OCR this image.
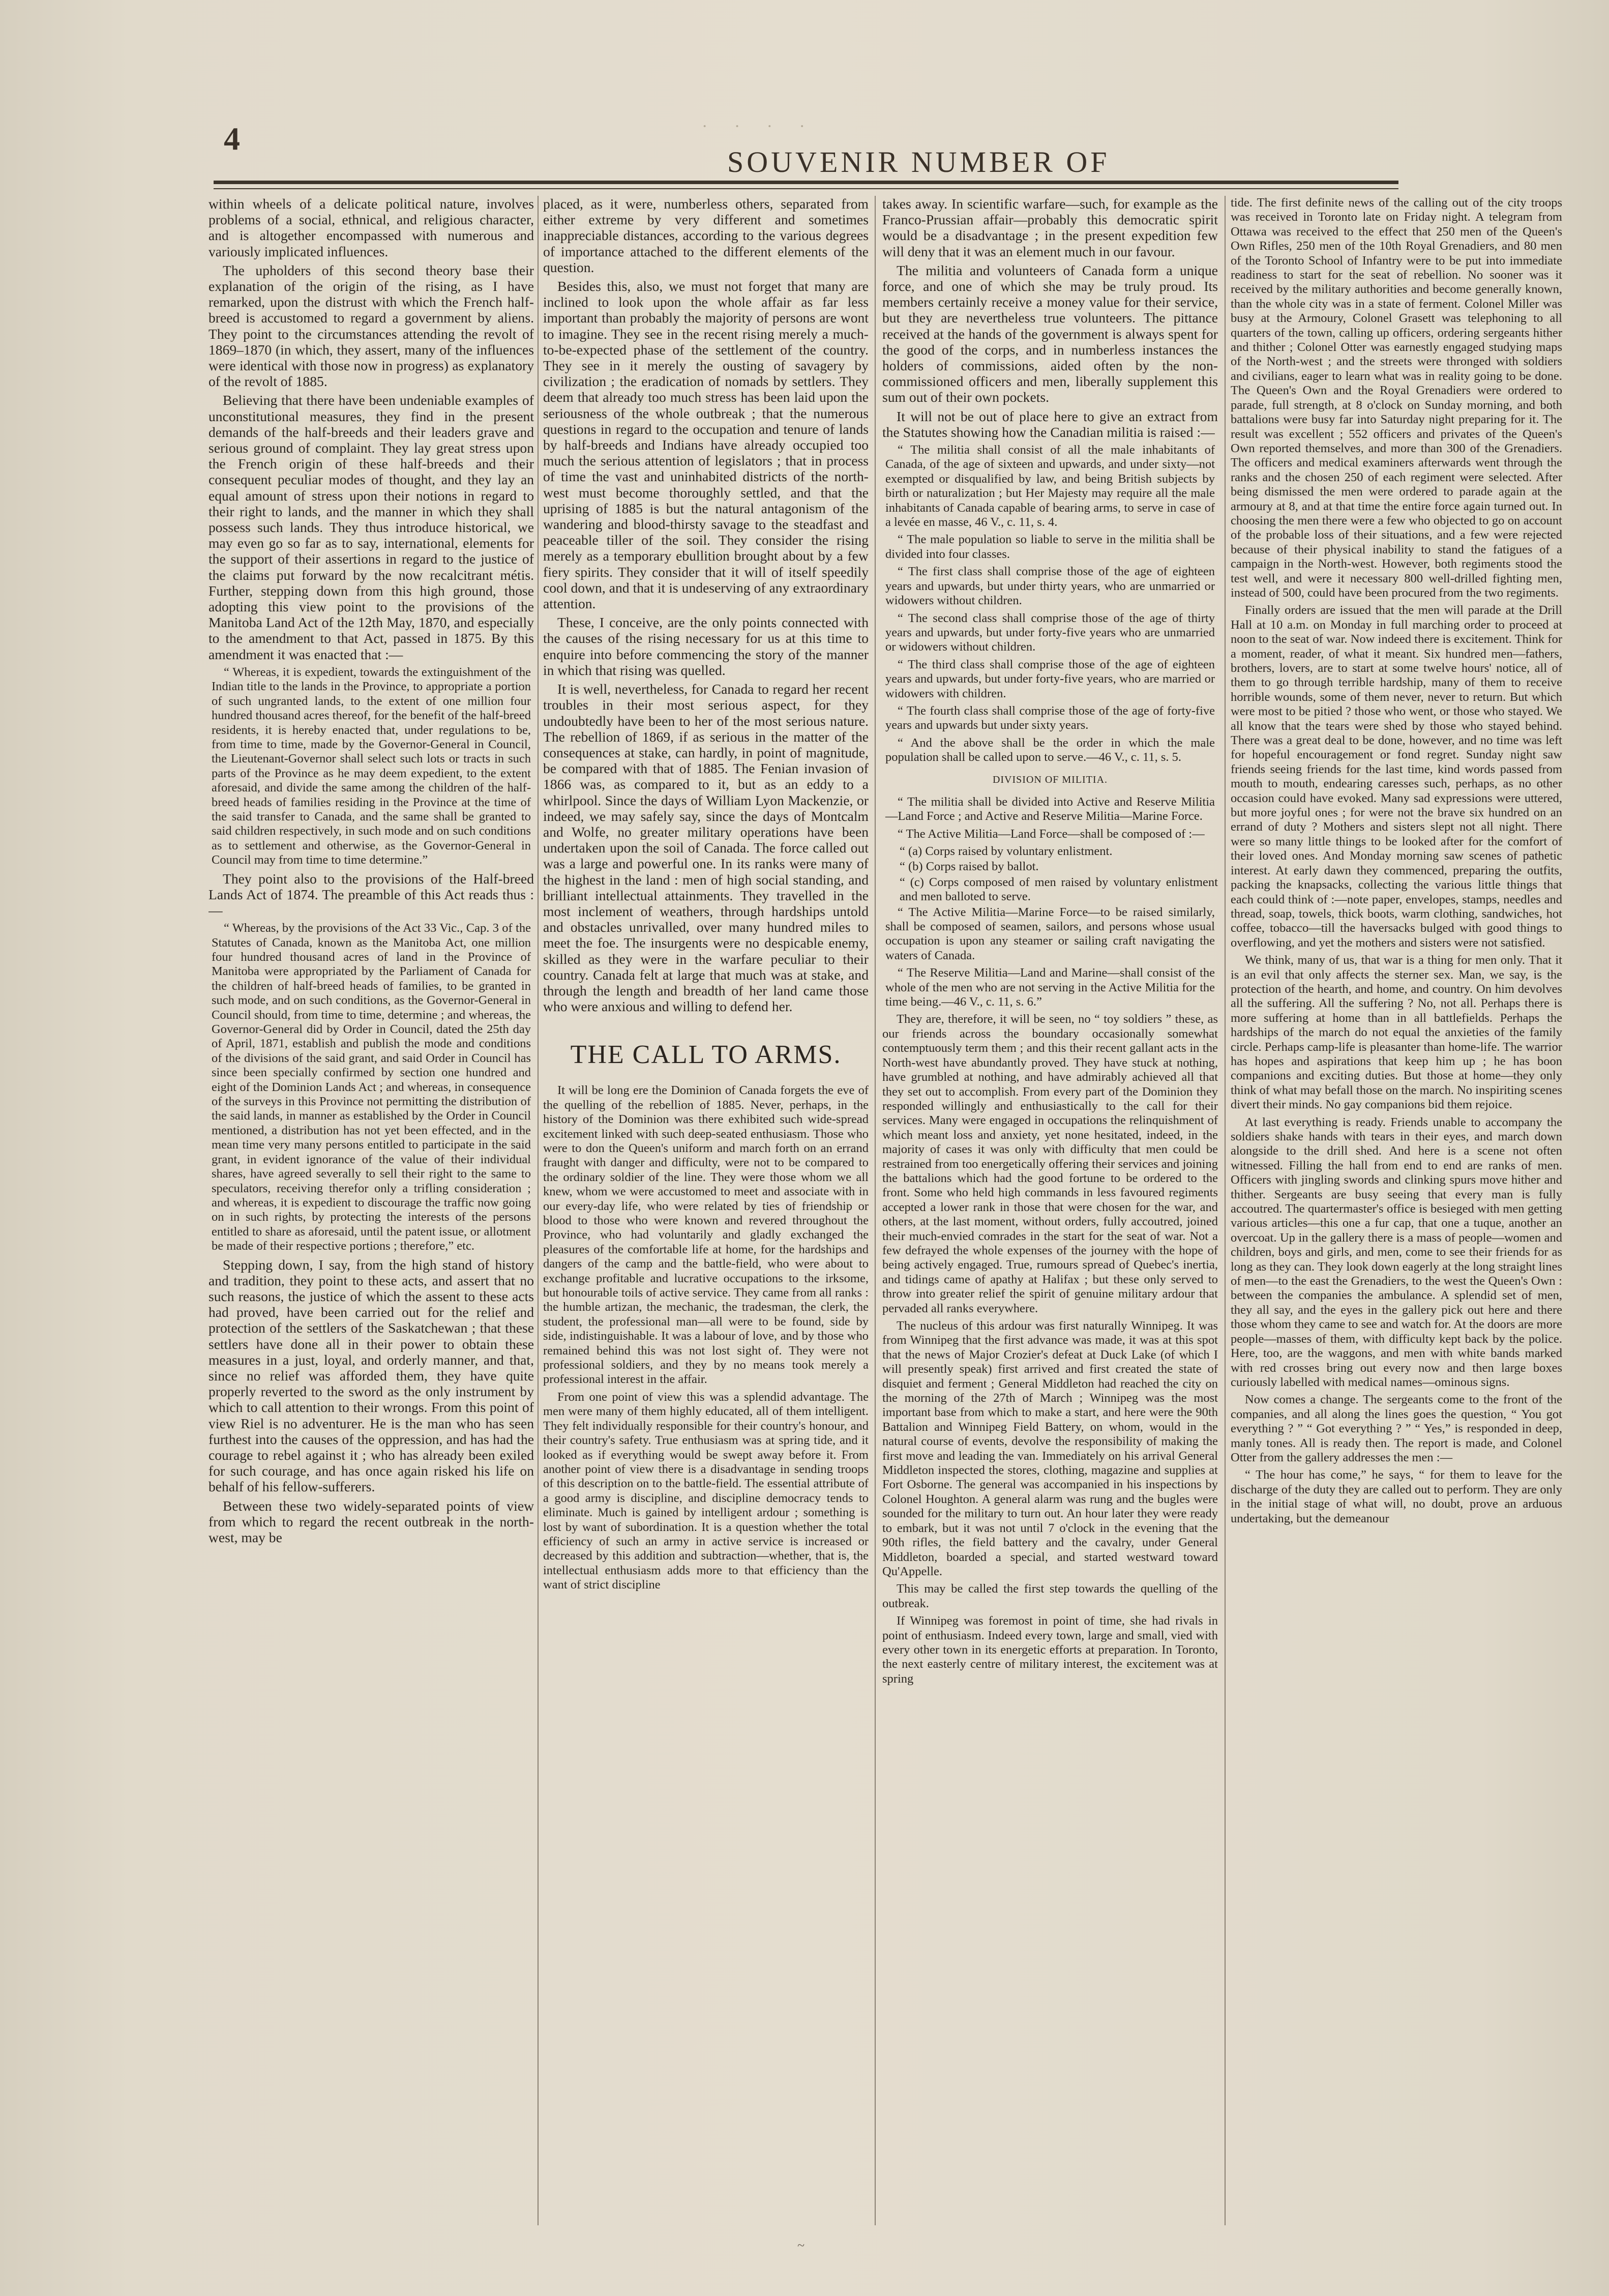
4	· · · ·
SOUVENIR NUMBER OF

within wheels of a delicate political nature, involves problems of a social, ethnical, and religious character, and is altogether encompassed with numerous and variously implicated influences.

The upholders of this second theory base their explanation of the origin of the rising, as I have remarked, upon the distrust with which the French half-breed is accustomed to regard a government by aliens. They point to the circumstances attending the revolt of 1869–1870 (in which, they assert, many of the influences were identical with those now in progress) as explanatory of the revolt of 1885.

Believing that there have been undeniable examples of unconstitutional measures, they find in the present demands of the half-breeds and their leaders grave and serious ground of complaint. They lay great stress upon the French origin of these half-breeds and their consequent peculiar modes of thought, and they lay an equal amount of stress upon their notions in regard to their right to lands, and the manner in which they shall possess such lands. They thus introduce historical, we may even go so far as to say, international, elements for the support of their assertions in regard to the justice of the claims put forward by the now recalcitrant métis. Further, stepping down from this high ground, those adopting this view point to the provisions of the Manitoba Land Act of the 12th May, 1870, and especially to the amendment to that Act, passed in 1875. By this amendment it was enacted that :—

“ Whereas, it is expedient, towards the extinguishment of the Indian title to the lands in the Province, to appropriate a portion of such ungranted lands, to the extent of one million four hundred thousand acres thereof, for the benefit of the half-breed residents, it is hereby enacted that, under regulations to be, from time to time, made by the Governor-General in Council, the Lieutenant-Governor shall select such lots or tracts in such parts of the Province as he may deem expedient, to the extent aforesaid, and divide the same among the children of the half-breed heads of families residing in the Province at the time of the said transfer to Canada, and the same shall be granted to said children respectively, in such mode and on such conditions as to settlement and otherwise, as the Governor-General in Council may from time to time determine.”

They point also to the provisions of the Half-breed Lands Act of 1874. The preamble of this Act reads thus :—

“ Whereas, by the provisions of the Act 33 Vic., Cap. 3 of the Statutes of Canada, known as the Manitoba Act, one million four hundred thousand acres of land in the Province of Manitoba were appropriated by the Parliament of Canada for the children of half-breed heads of families, to be granted in such mode, and on such conditions, as the Governor-General in Council should, from time to time, determine ; and whereas, the Governor-General did by Order in Council, dated the 25th day of April, 1871, establish and publish the mode and conditions of the divisions of the said grant, and said Order in Council has since been specially confirmed by section one hundred and eight of the Dominion Lands Act ; and whereas, in consequence of the surveys in this Province not permitting the distribution of the said lands, in manner as established by the Order in Council mentioned, a distribution has not yet been effected, and in the mean time very many persons entitled to participate in the said grant, in evident ignorance of the value of their individual shares, have agreed severally to sell their right to the same to speculators, receiving therefor only a trifling consideration ; and whereas, it is expedient to discourage the traffic now going on in such rights, by protecting the interests of the persons entitled to share as aforesaid, until the patent issue, or allotment be made of their respective portions ; therefore,” etc.

Stepping down, I say, from the high stand of history and tradition, they point to these acts, and assert that no such reasons, the justice of which the assent to these acts had proved, have been carried out for the relief and protection of the settlers of the Saskatchewan ; that these settlers have done all in their power to obtain these measures in a just, loyal, and orderly manner, and that, since no relief was afforded them, they have quite properly reverted to the sword as the only instrument by which to call attention to their wrongs. From this point of view Riel is no adventurer. He is the man who has seen furthest into the causes of the oppression, and has had the courage to rebel against it ; who has already been exiled for such courage, and has once again risked his life on behalf of his fellow-sufferers.

Between these two widely-separated points of view from which to regard the recent outbreak in the north-west, may be

placed, as it were, numberless others, separated from either extreme by very different and sometimes inappreciable distances, according to the various degrees of importance attached to the different elements of the question.

Besides this, also, we must not forget that many are inclined to look upon the whole affair as far less important than probably the majority of persons are wont to imagine. They see in the recent rising merely a much-to-be-expected phase of the settlement of the country. They see in it merely the ousting of savagery by civilization ; the eradication of nomads by settlers. They deem that already too much stress has been laid upon the seriousness of the whole outbreak ; that the numerous questions in regard to the occupation and tenure of lands by half-breeds and Indians have already occupied too much the serious attention of legislators ; that in process of time the vast and uninhabited districts of the north-west must become thoroughly settled, and that the uprising of 1885 is but the natural antagonism of the wandering and blood-thirsty savage to the steadfast and peaceable tiller of the soil. They consider the rising merely as a temporary ebullition brought about by a few fiery spirits. They consider that it will of itself speedily cool down, and that it is undeserving of any extraordinary attention.

These, I conceive, are the only points connected with the causes of the rising necessary for us at this time to enquire into before commencing the story of the manner in which that rising was quelled.

It is well, nevertheless, for Canada to regard her recent troubles in their most serious aspect, for they undoubtedly have been to her of the most serious nature. The rebellion of 1869, if as serious in the matter of the consequences at stake, can hardly, in point of magnitude, be compared with that of 1885. The Fenian invasion of 1866 was, as compared to it, but as an eddy to a whirlpool. Since the days of William Lyon Mackenzie, or indeed, we may safely say, since the days of Montcalm and Wolfe, no greater military operations have been undertaken upon the soil of Canada. The force called out was a large and powerful one. In its ranks were many of the highest in the land : men of high social standing, and brilliant intellectual attainments. They travelled in the most inclement of weathers, through hardships untold and obstacles unrivalled, over many hundred miles to meet the foe. The insurgents were no despicable enemy, skilled as they were in the warfare peculiar to their country. Canada felt at large that much was at stake, and through the length and breadth of her land came those who were anxious and willing to defend her.

THE CALL TO ARMS.

It will be long ere the Dominion of Canada forgets the eve of the quelling of the rebellion of 1885. Never, perhaps, in the history of the Dominion was there exhibited such wide-spread excitement linked with such deep-seated enthusiasm. Those who were to don the Queen's uniform and march forth on an errand fraught with danger and difficulty, were not to be compared to the ordinary soldier of the line. They were those whom we all knew, whom we were accustomed to meet and associate with in our every-day life, who were related by ties of friendship or blood to those who were known and revered throughout the Province, who had voluntarily and gladly exchanged the pleasures of the comfortable life at home, for the hardships and dangers of the camp and the battle-field, who were about to exchange profitable and lucrative occupations to the irksome, but honourable toils of active service. They came from all ranks : the humble artizan, the mechanic, the tradesman, the clerk, the student, the professional man—all were to be found, side by side, indistinguishable. It was a labour of love, and by those who remained behind this was not lost sight of. They were not professional soldiers, and they by no means took merely a professional interest in the affair.

From one point of view this was a splendid advantage. The men were many of them highly educated, all of them intelligent. They felt individually responsible for their country's honour, and their country's safety. True enthusiasm was at spring tide, and it looked as if everything would be swept away before it. From another point of view there is a disadvantage in sending troops of this description on to the battle-field. The essential attribute of a good army is discipline, and discipline democracy tends to eliminate. Much is gained by intelligent ardour ; something is lost by want of subordination. It is a question whether the total efficiency of such an army in active service is increased or decreased by this addition and subtraction—whether, that is, the intellectual enthusiasm adds more to that efficiency than the want of strict discipline

takes away. In scientific warfare—such, for example as the Franco-Prussian affair—probably this democratic spirit would be a disadvantage ; in the present expedition few will deny that it was an element much in our favour.

The militia and volunteers of Canada form a unique force, and one of which she may be truly proud. Its members certainly receive a money value for their service, but they are nevertheless true volunteers. The pittance received at the hands of the government is always spent for the good of the corps, and in numberless instances the holders of commissions, aided often by the non-commissioned officers and men, liberally supplement this sum out of their own pockets.

It will not be out of place here to give an extract from the Statutes showing how the Canadian militia is raised :—

“ The militia shall consist of all the male inhabitants of Canada, of the age of sixteen and upwards, and under sixty—not exempted or disqualified by law, and being British subjects by birth or naturalization ; but Her Majesty may require all the male inhabitants of Canada capable of bearing arms, to serve in case of a levée en masse, 46 V., c. 11, s. 4.

“ The male population so liable to serve in the militia shall be divided into four classes.

“ The first class shall comprise those of the age of eighteen years and upwards, but under thirty years, who are unmarried or widowers without children.

“ The second class shall comprise those of the age of thirty years and upwards, but under forty-five years who are unmarried or widowers without children.

“ The third class shall comprise those of the age of eighteen years and upwards, but under forty-five years, who are married or widowers with children.

“ The fourth class shall comprise those of the age of forty-five years and upwards but under sixty years.

“ And the above shall be the order in which the male population shall be called upon to serve.—46 V., c. 11, s. 5.

DIVISION OF MILITIA.

“ The militia shall be divided into Active and Reserve Militia—Land Force ; and Active and Reserve Militia—Marine Force.

“ The Active Militia—Land Force—shall be composed of :—

“ (a) Corps raised by voluntary enlistment.

“ (b) Corps raised by ballot.

“ (c) Corps composed of men raised by voluntary enlistment and men balloted to serve.

“ The Active Militia—Marine Force—to be raised similarly, shall be composed of seamen, sailors, and persons whose usual occupation is upon any steamer or sailing craft navigating the waters of Canada.

“ The Reserve Militia—Land and Marine—shall consist of the whole of the men who are not serving in the Active Militia for the time being.—46 V., c. 11, s. 6.”

They are, therefore, it will be seen, no “ toy soldiers ” these, as our friends across the boundary occasionally somewhat contemptuously term them ; and this their recent gallant acts in the North-west have abundantly proved. They have stuck at nothing, have grumbled at nothing, and have admirably achieved all that they set out to accomplish. From every part of the Dominion they responded willingly and enthusiastically to the call for their services. Many were engaged in occupations the relinquishment of which meant loss and anxiety, yet none hesitated, indeed, in the majority of cases it was only with difficulty that men could be restrained from too energetically offering their services and joining the battalions which had the good fortune to be ordered to the front. Some who held high commands in less favoured regiments accepted a lower rank in those that were chosen for the war, and others, at the last moment, without orders, fully accoutred, joined their much-envied comrades in the start for the seat of war. Not a few defrayed the whole expenses of the journey with the hope of being actively engaged. True, rumours spread of Quebec's inertia, and tidings came of apathy at Halifax ; but these only served to throw into greater relief the spirit of genuine military ardour that pervaded all ranks everywhere.

The nucleus of this ardour was first naturally Winnipeg. It was from Winnipeg that the first advance was made, it was at this spot that the news of Major Crozier's defeat at Duck Lake (of which I will presently speak) first arrived and first created the state of disquiet and ferment ; General Middleton had reached the city on the morning of the 27th of March ; Winnipeg was the most important base from which to make a start, and here were the 90th Battalion and Winnipeg Field Battery, on whom, would in the natural course of events, devolve the responsibility of making the first move and leading the van. Immediately on his arrival General Middleton inspected the stores, clothing, magazine and supplies at Fort Osborne. The general was accompanied in his inspections by Colonel Houghton. A general alarm was rung and the bugles were sounded for the military to turn out. An hour later they were ready to embark, but it was not until 7 o'clock in the evening that the 90th rifles, the field battery and the cavalry, under General Middleton, boarded a special, and started westward toward Qu'Appelle.

This may be called the first step towards the quelling of the outbreak.

If Winnipeg was foremost in point of time, she had rivals in point of enthusiasm. Indeed every town, large and small, vied with every other town in its energetic efforts at preparation. In Toronto, the next easterly centre of military interest, the excitement was at spring

tide. The first definite news of the calling out of the city troops was received in Toronto late on Friday night. A telegram from Ottawa was received to the effect that 250 men of the Queen's Own Rifles, 250 men of the 10th Royal Grenadiers, and 80 men of the Toronto School of Infantry were to be put into immediate readiness to start for the seat of rebellion. No sooner was it received by the military authorities and become generally known, than the whole city was in a state of ferment. Colonel Miller was busy at the Armoury, Colonel Grasett was telephoning to all quarters of the town, calling up officers, ordering sergeants hither and thither ; Colonel Otter was earnestly engaged studying maps of the North-west ; and the streets were thronged with soldiers and civilians, eager to learn what was in reality going to be done. The Queen's Own and the Royal Grenadiers were ordered to parade, full strength, at 8 o'clock on Sunday morning, and both battalions were busy far into Saturday night preparing for it. The result was excellent ; 552 officers and privates of the Queen's Own reported themselves, and more than 300 of the Grenadiers. The officers and medical examiners afterwards went through the ranks and the chosen 250 of each regiment were selected. After being dismissed the men were ordered to parade again at the armoury at 8, and at that time the entire force again turned out. In choosing the men there were a few who objected to go on account of the probable loss of their situations, and a few were rejected because of their physical inability to stand the fatigues of a campaign in the North-west. However, both regiments stood the test well, and were it necessary 800 well-drilled fighting men, instead of 500, could have been procured from the two regiments.

Finally orders are issued that the men will parade at the Drill Hall at 10 a.m. on Monday in full marching order to proceed at noon to the seat of war. Now indeed there is excitement. Think for a moment, reader, of what it meant. Six hundred men—fathers, brothers, lovers, are to start at some twelve hours' notice, all of them to go through terrible hardship, many of them to receive horrible wounds, some of them never, never to return. But which were most to be pitied ? those who went, or those who stayed. We all know that the tears were shed by those who stayed behind. There was a great deal to be done, however, and no time was left for hopeful encouragement or fond regret. Sunday night saw friends seeing friends for the last time, kind words passed from mouth to mouth, endearing caresses such, perhaps, as no other occasion could have evoked. Many sad expressions were uttered, but more joyful ones ; for were not the brave six hundred on an errand of duty ? Mothers and sisters slept not all night. There were so many little things to be looked after for the comfort of their loved ones. And Monday morning saw scenes of pathetic interest. At early dawn they commenced, preparing the outfits, packing the knapsacks, collecting the various little things that each could think of :—note paper, envelopes, stamps, needles and thread, soap, towels, thick boots, warm clothing, sandwiches, hot coffee, tobacco—till the haversacks bulged with good things to overflowing, and yet the mothers and sisters were not satisfied.

We think, many of us, that war is a thing for men only. That it is an evil that only affects the sterner sex. Man, we say, is the protection of the hearth, and home, and country. On him devolves all the suffering. All the suffering ? No, not all. Perhaps there is more suffering at home than in all battlefields. Perhaps the hardships of the march do not equal the anxieties of the family circle. Perhaps camp-life is pleasanter than home-life. The warrior has hopes and aspirations that keep him up ; he has boon companions and exciting duties. But those at home—they only think of what may befall those on the march. No inspiriting scenes divert their minds. No gay companions bid them rejoice.

At last everything is ready. Friends unable to accompany the soldiers shake hands with tears in their eyes, and march down alongside to the drill shed. And here is a scene not often witnessed. Filling the hall from end to end are ranks of men. Officers with jingling swords and clinking spurs move hither and thither. Sergeants are busy seeing that every man is fully accoutred. The quartermaster's office is besieged with men getting various articles—this one a fur cap, that one a tuque, another an overcoat. Up in the gallery there is a mass of people—women and children, boys and girls, and men, come to see their friends for as long as they can. They look down eagerly at the long straight lines of men—to the east the Grenadiers, to the west the Queen's Own : between the companies the ambulance. A splendid set of men, they all say, and the eyes in the gallery pick out here and there those whom they came to see and watch for. At the doors are more people—masses of them, with difficulty kept back by the police. Here, too, are the waggons, and men with white bands marked with red crosses bring out every now and then large boxes curiously labelled with medical names—ominous signs.

Now comes a change. The sergeants come to the front of the companies, and all along the lines goes the question, “ You got everything ? ” “ Got everything ? ” “ Yes,” is responded in deep, manly tones. All is ready then. The report is made, and Colonel Otter from the gallery addresses the men :—

“ The hour has come,” he says, “ for them to leave for the discharge of the duty they are called out to perform. They are only in the initial stage of what will, no doubt, prove an arduous undertaking, but the demeanour

~
